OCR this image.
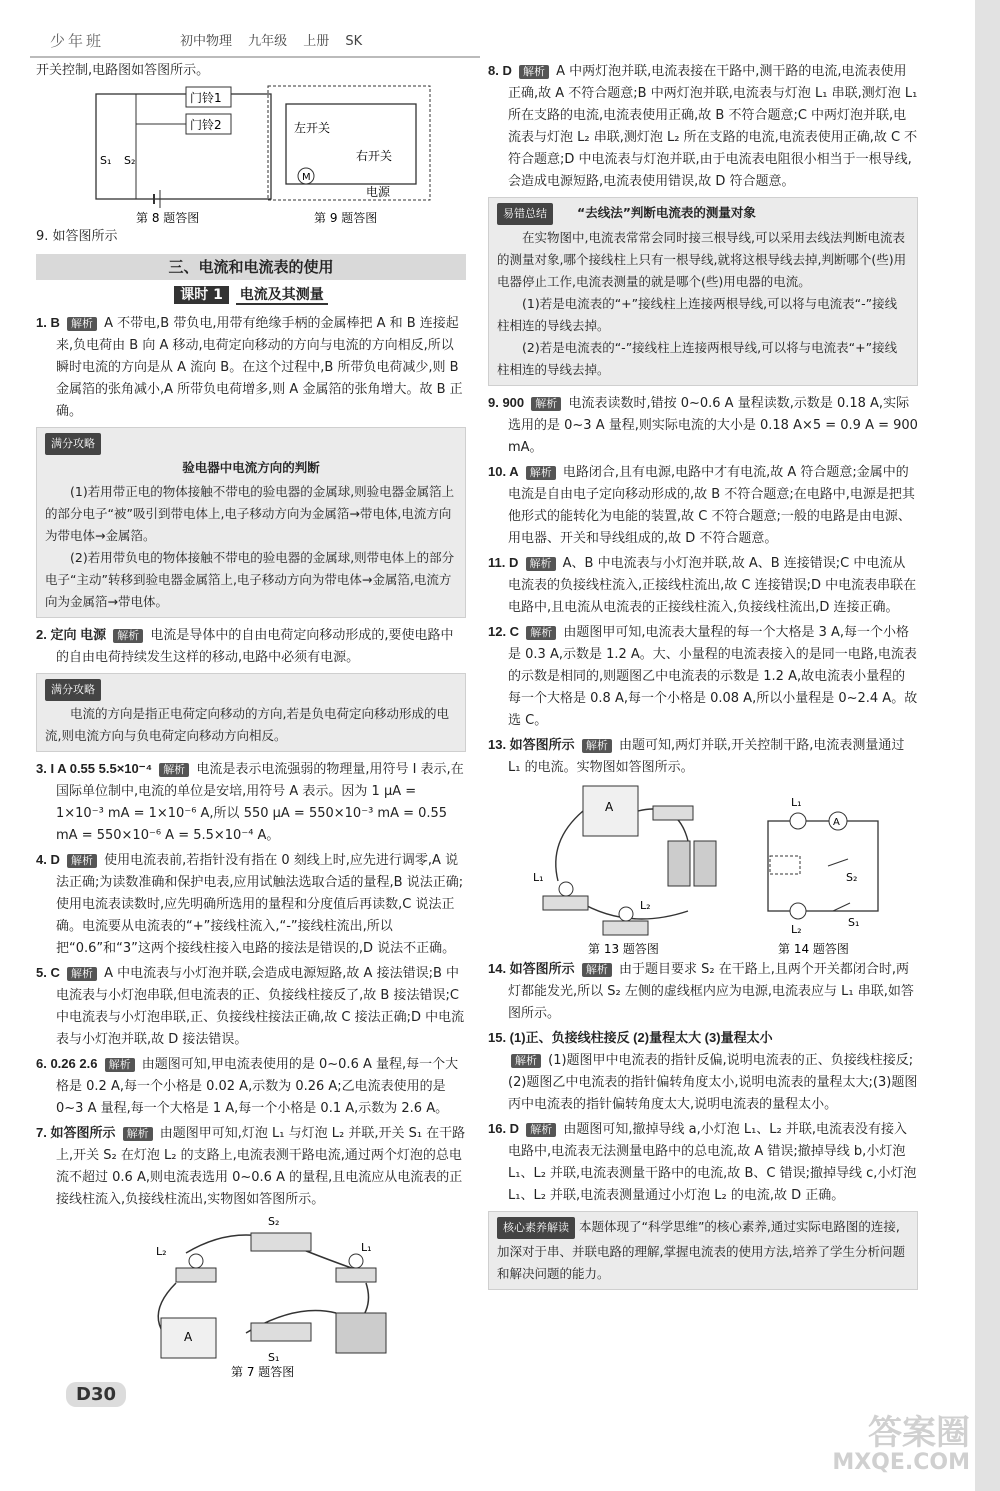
少年班	初中物理 九年级 上册 SK
开关控制,电路图如答图所示。
门铃1
门铃2
S₁ S₂
第 8 题答图
左开关
右开关
M
电源
第 9 题答图
9. 如答图所示
三、电流和电流表的使用
课时 1 电流及其测量
1. B 解析 A 不带电,B 带负电,用带有绝缘手柄的金属棒把 A 和 B 连接起来,负电荷由 B 向 A 移动,电荷定向移动的方向与电流的方向相反,所以瞬时电流的方向是从 A 流向 B。在这个过程中,B 所带负电荷减少,则 B 金属箔的张角减小,A 所带负电荷增多,则 A 金属箔的张角增大。故 B 正确。
满分攻略
验电器中电流方向的判断

(1)若用带正电的物体接触不带电的验电器的金属球,则验电器金属箔上的部分电子“被”吸引到带电体上,电子移动方向为金属箔→带电体,电流方向为带电体→金属箔。

(2)若用带负电的物体接触不带电的验电器的金属球,则带电体上的部分电子“主动”转移到验电器金属箔上,电子移动方向为带电体→金属箔,电流方向为金属箔→带电体。

2. 定向 电源 解析 电流是导体中的自由电荷定向移动形成的,要使电路中的自由电荷持续发生这样的移动,电路中必须有电源。
满分攻略

电流的方向是指正电荷定向移动的方向,若是负电荷定向移动形成的电流,则电流方向与负电荷定向移动方向相反。

3. I A 0.55 5.5×10⁻⁴ 解析 电流是表示电流强弱的物理量,用符号 I 表示,在国际单位制中,电流的单位是安培,用符号 A 表示。因为 1 μA = 1×10⁻³ mA = 1×10⁻⁶ A,所以 550 μA = 550×10⁻³ mA = 0.55 mA = 550×10⁻⁶ A = 5.5×10⁻⁴ A。
4. D 解析 使用电流表前,若指针没有指在 0 刻线上时,应先进行调零,A 说法正确;为读数准确和保护电表,应用试触法选取合适的量程,B 说法正确;使用电流表读数时,应先明确所选用的量程和分度值后再读数,C 说法正确。电流要从电流表的“+”接线柱流入,“-”接线柱流出,所以把“0.6”和“3”这两个接线柱接入电路的接法是错误的,D 说法不正确。
5. C 解析 A 中电流表与小灯泡并联,会造成电源短路,故 A 接法错误;B 中电流表与小灯泡串联,但电流表的正、负接线柱接反了,故 B 接法错误;C 中电流表与小灯泡串联,正、负接线柱接法正确,故 C 接法正确;D 中电流表与小灯泡并联,故 D 接法错误。
6. 0.26 2.6 解析 由题图可知,甲电流表使用的是 0~0.6 A 量程,每一个大格是 0.2 A,每一个小格是 0.02 A,示数为 0.26 A;乙电流表使用的是 0~3 A 量程,每一个大格是 1 A,每一个小格是 0.1 A,示数为 2.6 A。
7. 如答图所示 解析 由题图甲可知,灯泡 L₁ 与灯泡 L₂ 并联,开关 S₁ 在干路上,开关 S₂ 在灯泡 L₂ 的支路上,电流表测干路电流,通过两个灯泡的总电流不超过 0.6 A,则电流表选用 0~0.6 A 的量程,且电流应从电流表的正接线柱流入,负接线柱流出,实物图如答图所示。
S₂
L₂	L₁
A
S₁
第 7 题答图
8. D 解析 A 中两灯泡并联,电流表接在干路中,测干路的电流,电流表使用正确,故 A 不符合题意;B 中两灯泡并联,电流表与灯泡 L₁ 串联,测灯泡 L₁ 所在支路的电流,电流表使用正确,故 B 不符合题意;C 中两灯泡并联,电流表与灯泡 L₂ 串联,测灯泡 L₂ 所在支路的电流,电流表使用正确,故 C 不符合题意;D 中电流表与灯泡并联,由于电流表电阻很小相当于一根导线,会造成电源短路,电流表使用错误,故 D 符合题意。
易错总结 “去线法”判断电流表的测量对象

在实物图中,电流表常常会同时接三根导线,可以采用去线法判断电流表的测量对象,哪个接线柱上只有一根导线,就将这根导线去掉,判断哪个(些)用电器停止工作,电流表测量的就是哪个(些)用电器的电流。

(1)若是电流表的“+”接线柱上连接两根导线,可以将与电流表“-”接线柱相连的导线去掉。

(2)若是电流表的“-”接线柱上连接两根导线,可以将与电流表“+”接线柱相连的导线去掉。

9. 900 解析 电流表读数时,错按 0~0.6 A 量程读数,示数是 0.18 A,实际选用的是 0~3 A 量程,则实际电流的大小是 0.18 A×5 = 0.9 A = 900 mA。
10. A 解析 电路闭合,且有电源,电路中才有电流,故 A 符合题意;金属中的电流是自由电子定向移动形成的,故 B 不符合题意;在电路中,电源是把其他形式的能转化为电能的装置,故 C 不符合题意;一般的电路是由电源、用电器、开关和导线组成的,故 D 不符合题意。
11. D 解析 A、B 中电流表与小灯泡并联,故 A、B 连接错误;C 中电流从电流表的负接线柱流入,正接线柱流出,故 C 连接错误;D 中电流表串联在电路中,且电流从电流表的正接线柱流入,负接线柱流出,D 连接正确。
12. C 解析 由题图甲可知,电流表大量程的每一个大格是 3 A,每一个小格是 0.3 A,示数是 1.2 A。大、小量程的电流表接入的是同一电路,电流表的示数是相同的,则题图乙中电流表的示数是 1.2 A,故电流表小量程的每一个大格是 0.8 A,每一个小格是 0.08 A,所以小量程是 0~2.4 A。故选 C。
13. 如答图所示 解析 由题可知,两灯并联,开关控制干路,电流表测量通过 L₁ 的电流。实物图如答图所示。
A
L₁
L₂
第 13 题答图
L₁
A
S₂
L₂
S₁
第 14 题答图
14. 如答图所示 解析 由于题目要求 S₂ 在干路上,且两个开关都闭合时,两灯都能发光,所以 S₂ 左侧的虚线框内应为电源,电流表应与 L₁ 串联,如答图所示。
15. (1)正、负接线柱接反 (2)量程太大 (3)量程太小
解析 (1)题图甲中电流表的指针反偏,说明电流表的正、负接线柱接反;(2)题图乙中电流表的指针偏转角度太小,说明电流表的量程太大;(3)题图丙中电流表的指针偏转角度太大,说明电流表的量程太小。
16. D 解析 由题图可知,撤掉导线 a,小灯泡 L₁、L₂ 并联,电流表没有接入电路中,电流表无法测量电路中的总电流,故 A 错误;撤掉导线 b,小灯泡 L₁、L₂ 并联,电流表测量干路中的电流,故 B、C 错误;撤掉导线 c,小灯泡 L₁、L₂ 并联,电流表测量通过小灯泡 L₂ 的电流,故 D 正确。
核心素养解读 本题体现了“科学思维”的核心素养,通过实际电路图的连接,加深对于串、并联电路的理解,掌握电流表的使用方法,培养了学生分析问题和解决问题的能力。
D30
答案圈
MXQE.COM
